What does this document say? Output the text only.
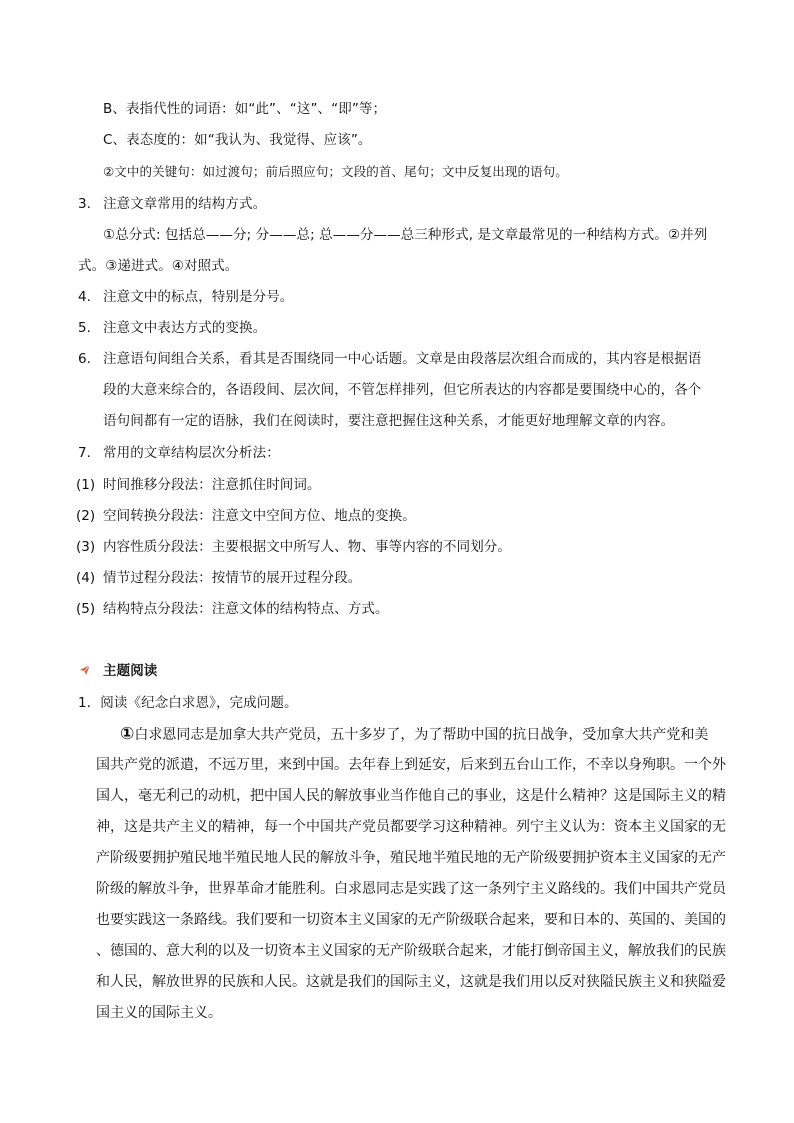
B、表指代性的词语：如“此”、“这”、“即”等；
C、表态度的：如“我认为、我觉得、应该”。
②文中的关键句：如过渡句；前后照应句；文段的首、尾句；文中反复出现的语句。
3. 注意文章常用的结构方式。
①总分式: 包括总——分; 分——总; 总——分——总三种形式, 是文章最常见的一种结构方式。②并列
式。③递进式。④对照式。
4. 注意文中的标点，特别是分号。
5. 注意文中表达方式的变换。
6. 注意语句间组合关系，看其是否围绕同一中心话题。文章是由段落层次组合而成的，其内容是根据语
段的大意来综合的，各语段间、层次间，不管怎样排列，但它所表达的内容都是要围绕中心的，各个
语句间都有一定的语脉，我们在阅读时，要注意把握住这种关系，才能更好地理解文章的内容。
7. 常用的文章结构层次分析法：
(1) 时间推移分段法：注意抓住时间词。
(2) 空间转换分段法：注意文中空间方位、地点的变换。
(3) 内容性质分段法：主要根据文中所写人、物、事等内容的不同划分。
(4) 情节过程分段法：按情节的展开过程分段。
(5) 结构特点分段法：注意文体的结构特点、方式。
主题阅读
1．阅读《纪念白求恩》，完成问题。
①白求恩同志是加拿大共产党员，五十多岁了，为了帮助中国的抗日战争，受加拿大共产党和美
国共产党的派遣，不远万里，来到中国。去年春上到延安，后来到五台山工作，不幸以身殉职。一个外
国人，毫无利己的动机，把中国人民的解放事业当作他自己的事业，这是什么精神？这是国际主义的精
神，这是共产主义的精神，每一个中国共产党员都要学习这种精神。列宁主义认为：资本主义国家的无
产阶级要拥护殖民地半殖民地人民的解放斗争，殖民地半殖民地的无产阶级要拥护资本主义国家的无产
阶级的解放斗争，世界革命才能胜利。白求恩同志是实践了这一条列宁主义路线的。我们中国共产党员
也要实践这一条路线。我们要和一切资本主义国家的无产阶级联合起来，要和日本的、英国的、美国的
、德国的、意大利的以及一切资本主义国家的无产阶级联合起来，才能打倒帝国主义，解放我们的民族
和人民，解放世界的民族和人民。这就是我们的国际主义，这就是我们用以反对狭隘民族主义和狭隘爱
国主义的国际主义。
